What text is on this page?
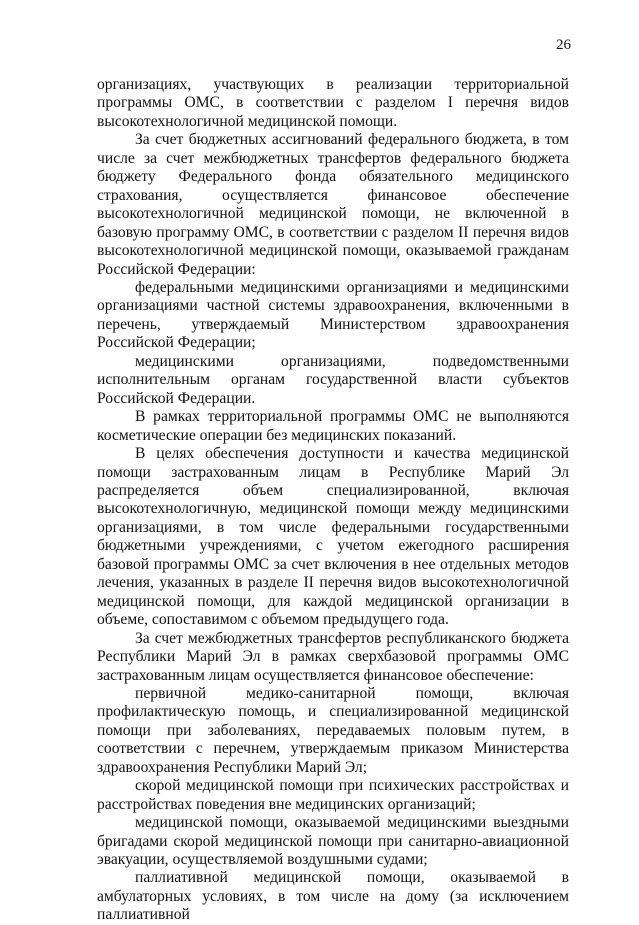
26

организациях, участвующих в реализации территориальной программы ОМС, в соответствии с разделом I перечня видов высокотехнологичной медицинской помощи.

За счет бюджетных ассигнований федерального бюджета, в том числе за счет межбюджетных трансфертов федерального бюджета бюджету Федерального фонда обязательного медицинского страхования, осуществляется финансовое обеспечение высокотехнологичной медицинской помощи, не включенной в базовую программу ОМС, в соответствии с разделом II перечня видов высокотехнологичной медицинской помощи, оказываемой гражданам Российской Федерации:

федеральными медицинскими организациями и медицинскими организациями частной системы здравоохранения, включенными в перечень, утверждаемый Министерством здравоохранения Российской Федерации;

медицинскими организациями, подведомственными исполнительным органам государственной власти субъектов Российской Федерации.

В рамках территориальной программы ОМС не выполняются косметические операции без медицинских показаний.

В целях обеспечения доступности и качества медицинской помощи застрахованным лицам в Республике Марий Эл распределяется объем специализированной, включая высокотехнологичную, медицинской помощи между медицинскими организациями, в том числе федеральными государственными бюджетными учреждениями, с учетом ежегодного расширения базовой программы ОМС за счет включения в нее отдельных методов лечения, указанных в разделе II перечня видов высокотехнологичной медицинской помощи, для каждой медицинской организации в объеме, сопоставимом с объемом предыдущего года.

За счет межбюджетных трансфертов республиканского бюджета Республики Марий Эл в рамках сверхбазовой программы ОМС застрахованным лицам осуществляется финансовое обеспечение:

первичной медико-санитарной помощи, включая профилактическую помощь, и специализированной медицинской помощи при заболеваниях, передаваемых половым путем, в соответствии с перечнем, утверждаемым приказом Министерства здравоохранения Республики Марий Эл;

скорой медицинской помощи при психических расстройствах и расстройствах поведения вне медицинских организаций;

медицинской помощи, оказываемой медицинскими выездными бригадами скорой медицинской помощи при санитарно-авиационной эвакуации, осуществляемой воздушными судами;

паллиативной медицинской помощи, оказываемой в амбулаторных условиях, в том числе на дому (за исключением паллиативной
